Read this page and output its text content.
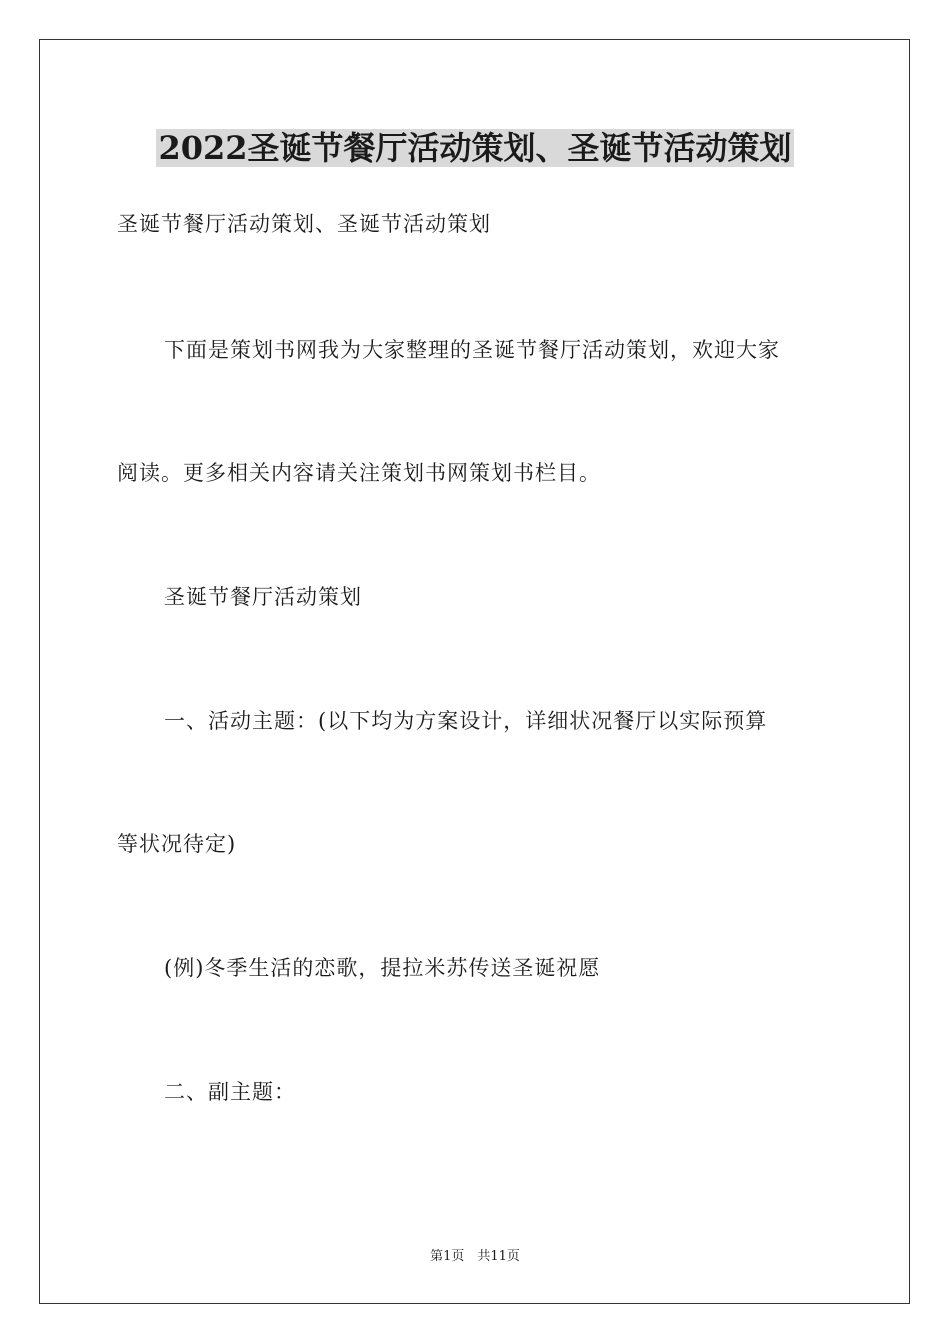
2022圣诞节餐厅活动策划、圣诞节活动策划
圣诞节餐厅活动策划、圣诞节活动策划
下面是策划书网我为大家整理的圣诞节餐厅活动策划，欢迎大家
阅读。更多相关内容请关注策划书网策划书栏目。
圣诞节餐厅活动策划
一、活动主题：(以下均为方案设计，详细状况餐厅以实际预算
等状况待定)
(例)冬季生活的恋歌，提拉米苏传送圣诞祝愿
二、副主题：
第1页　共11页
